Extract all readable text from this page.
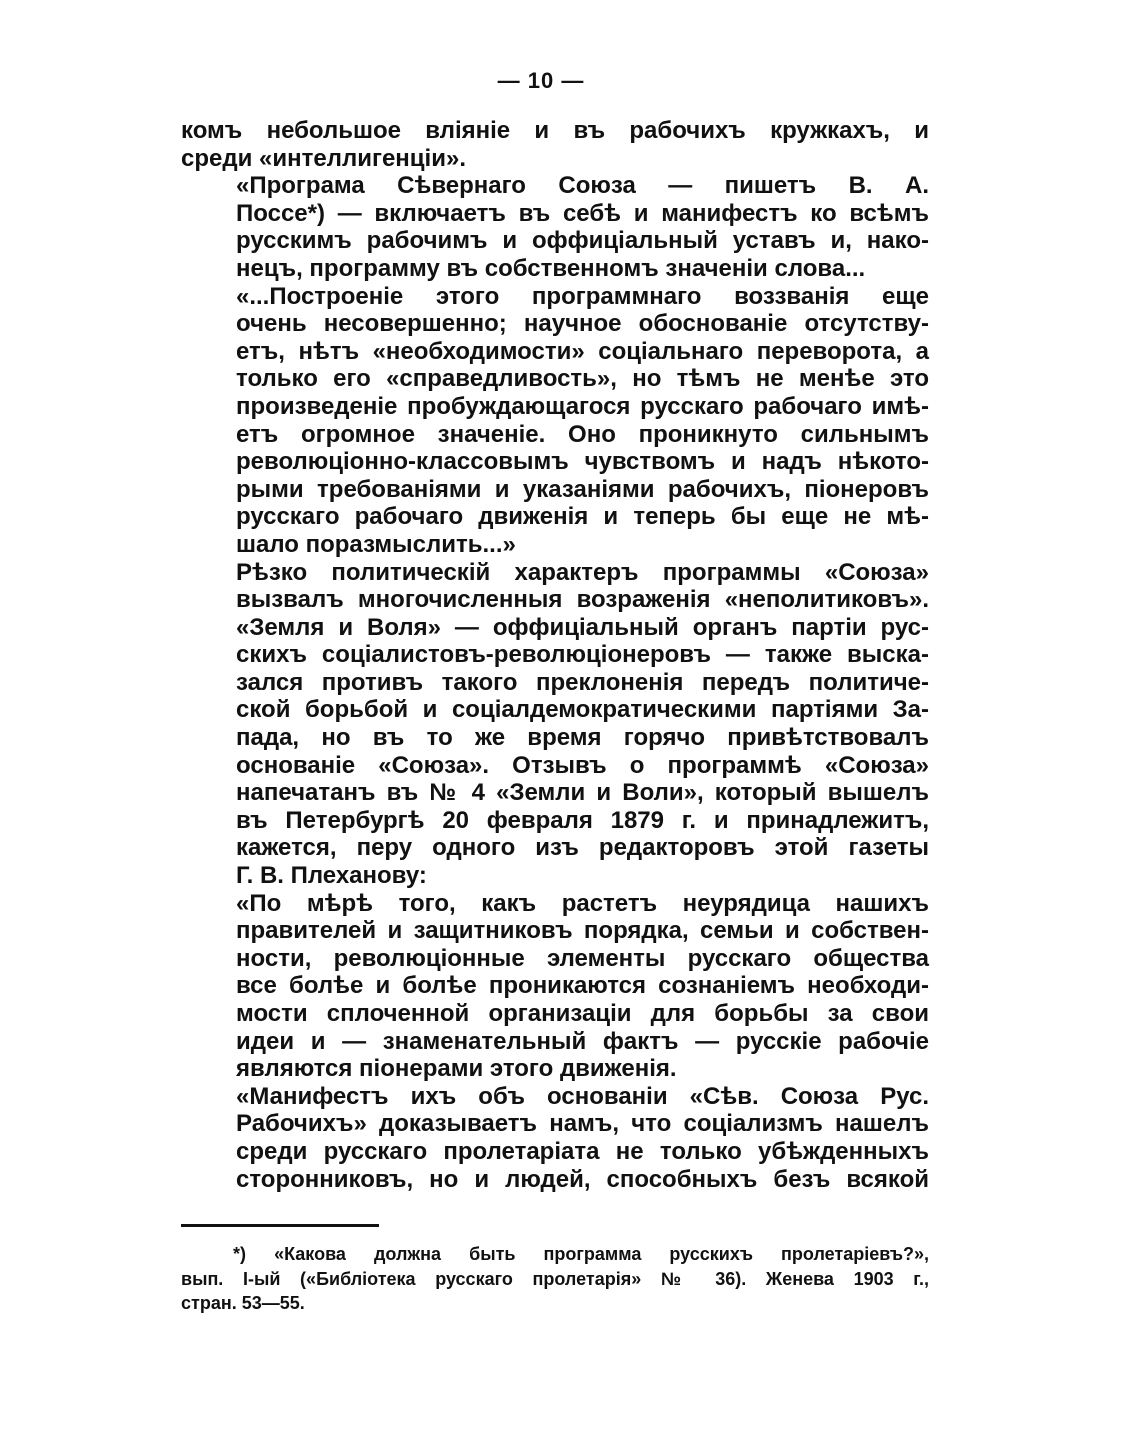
— 10 —

комъ небольшое вліяніе и въ рабочихъ кружкахъ, и
среди «интеллигенціи».

«Програма Сѣвернаго Союза — пишетъ В. А.
Поссе*) — включаетъ въ себѣ и манифестъ ко всѣмъ
русскимъ рабочимъ и оффиціальный уставъ и, нако-
нецъ, программу въ собственномъ значеніи слова...

«...Построеніе этого программнаго воззванія еще
очень несовершенно; научное обоснованіе отсутству-
етъ, нѣтъ «необходимости» соціальнаго переворота, а
только его «справедливость», но тѣмъ не менѣе это
произведеніе пробуждающагося русскаго рабочаго имѣ-
етъ огромное значеніе. Оно проникнуто сильнымъ
революціонно-классовымъ чувствомъ и надъ нѣкото-
рыми требованіями и указаніями рабочихъ, піонеровъ
русскаго рабочаго движенія и теперь бы еще не мѣ-
шало поразмыслить...»

Рѣзко политическій характеръ программы «Союза»
вызвалъ многочисленныя возраженія «неполитиковъ».
«Земля и Воля» — оффиціальный органъ партіи рус-
скихъ соціалистовъ-революціонеровъ — также выска-
зался противъ такого преклоненія передъ политиче-
ской борьбой и соціалдемократическими партіями За-
пада, но въ то же время горячо привѣтствовалъ
основаніе «Союза». Отзывъ о программѣ «Союза»
напечатанъ въ № 4 «Земли и Воли», который вышелъ
въ Петербургѣ 20 февраля 1879 г. и принадлежитъ,
кажется, перу одного изъ редакторовъ этой газеты
Г. В. Плеханову:

«По мѣрѣ того, какъ растетъ неурядица нашихъ
правителей и защитниковъ порядка, семьи и собствен-
ности, революціонные элементы русскаго общества
все болѣе и болѣе проникаются сознаніемъ необходи-
мости сплоченной организаціи для борьбы за свои
идеи и — знаменательный фактъ — русскіе рабочіе
являются піонерами этого движенія.

«Манифестъ ихъ объ основаніи «Сѣв. Союза Рус.
Рабочихъ» доказываетъ намъ, что соціализмъ нашелъ
среди русскаго пролетаріата не только убѣжденныхъ
сторонниковъ, но и людей, способныхъ безъ всякой

*) «Какова должна быть программа русскихъ пролетаріевъ?»,
вып. I-ый («Библіотека русскаго пролетарія» № 36). Женева 1903 г.,
стран. 53—55.
